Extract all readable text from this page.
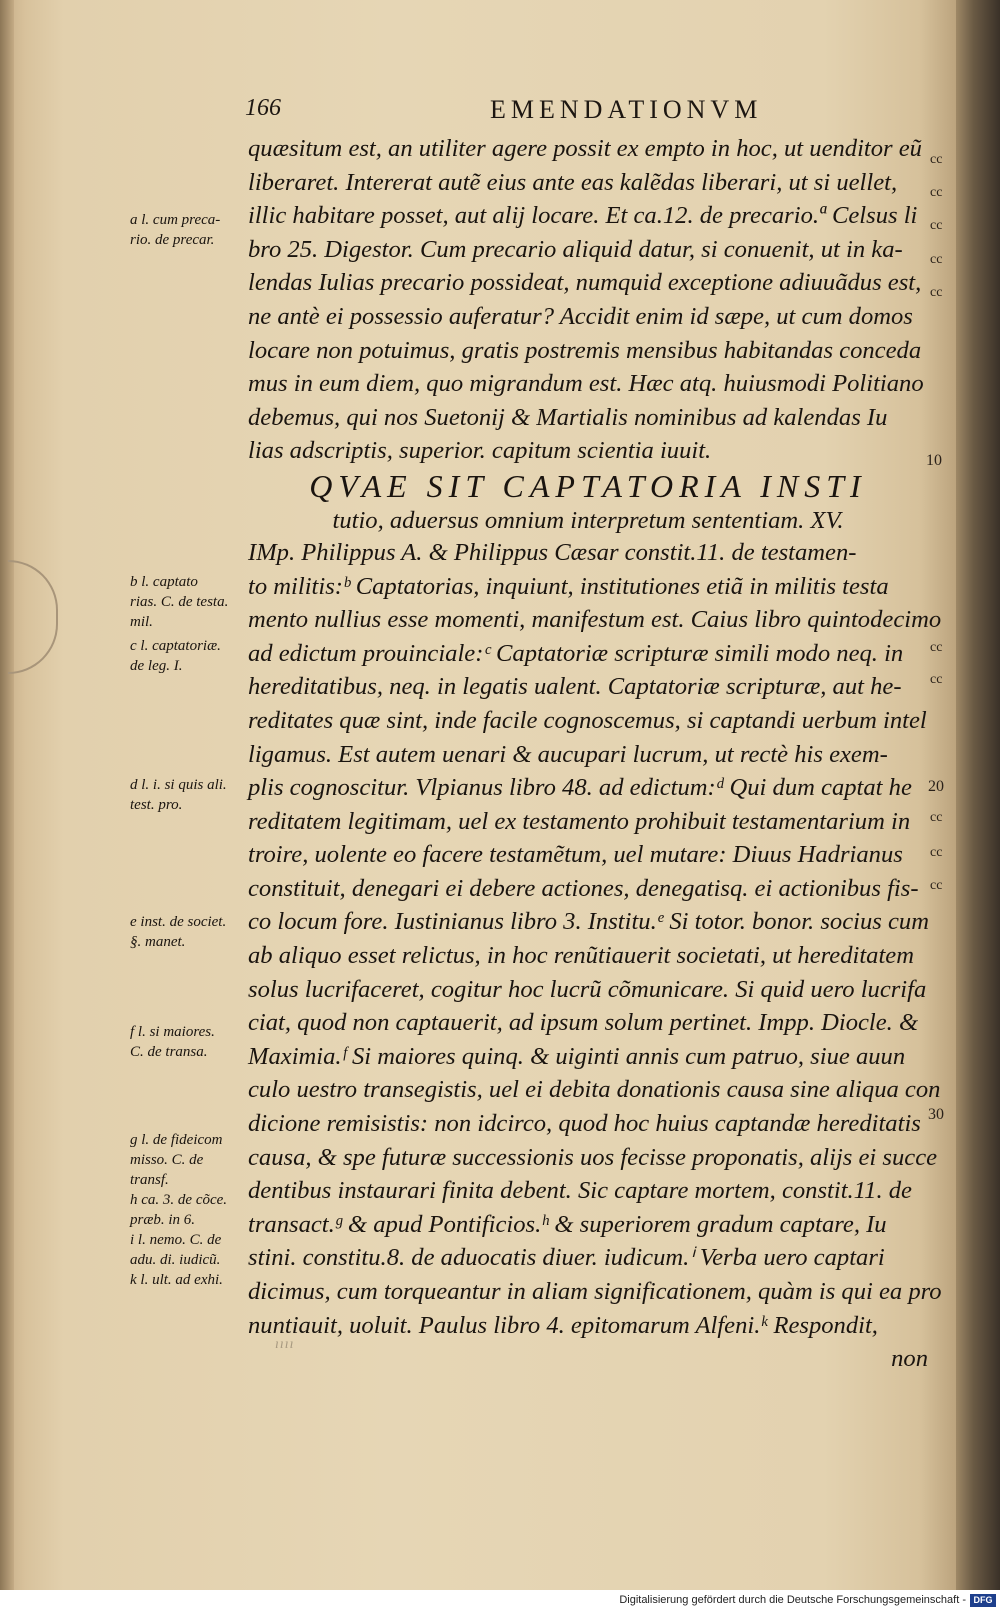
166	EMENDATIONVM
quæsitum est, an utiliter agere possit ex empto in hoc, ut uenditor eũ
liberaret. Intererat autẽ eius ante eas kalẽdas liberari, ut si uellet,
illic habitare posset, aut alij locare. Et ca.12. de precario.ª Celsus li
bro 25. Digestor. Cum precario aliquid datur, si conuenit, ut in ka-
lendas Iulias precario possideat, numquid exceptione adiuuãdus est,
ne antè ei possessio auferatur? Accidit enim id sæpe, ut cum domos
locare non potuimus, gratis postremis mensibus habitandas conceda
mus in eum diem, quo migrandum est. Hæc atq. huiusmodi Politiano
debemus, qui nos Suetonij & Martialis nominibus ad kalendas Iu
lias adscriptis, superior. capitum scientia iuuit.
QVAE SIT CAPTATORIA INSTI
tutio, aduersus omnium interpretum sententiam. XV.
IMp. Philippus A. & Philippus Cæsar constit.11. de testamen-
to militis:ᵇ Captatorias, inquiunt, institutiones etiã in militis testa
mento nullius esse momenti, manifestum est. Caius libro quintodecimo
ad edictum prouinciale:ᶜ Captatoriæ scripturæ simili modo neq. in
hereditatibus, neq. in legatis ualent. Captatoriæ scripturæ, aut he-
reditates quæ sint, inde facile cognoscemus, si captandi uerbum intel
ligamus. Est autem uenari & aucupari lucrum, ut rectè his exem-
plis cognoscitur. Vlpianus libro 48. ad edictum:ᵈ Qui dum captat he
reditatem legitimam, uel ex testamento prohibuit testamentarium in
troire, uolente eo facere testamẽtum, uel mutare: Diuus Hadrianus
constituit, denegari ei debere actiones, denegatisq. ei actionibus fis-
co locum fore. Iustinianus libro 3. Institu.ᵉ Si totor. bonor. socius cum
ab aliquo esset relictus, in hoc renũtiauerit societati, ut hereditatem
solus lucrifaceret, cogitur hoc lucrũ cõmunicare. Si quid uero lucrifa
ciat, quod non captauerit, ad ipsum solum pertinet. Impp. Diocle. &
Maximia.ᶠ Si maiores quinq. & uiginti annis cum patruo, siue auun
culo uestro transegistis, uel ei debita donationis causa sine aliqua con
dicione remisistis: non idcirco, quod hoc huius captandæ hereditatis
causa, & spe futuræ successionis uos fecisse proponatis, alijs ei succe
dentibus instaurari finita debent. Sic captare mortem, constit.11. de
transact.ᵍ & apud Pontificios.ʰ & superiorem gradum captare, Iu
stini. constitu.8. de aduocatis diuer. iudicum.ⁱ Verba uero captari
dicimus, cum torqueantur in aliam significationem, quàm is qui ea pro
nuntiauit, uoluit. Paulus libro 4. epitomarum Alfeni.ᵏ Respondit,
non
a l. cum preca-
rio. de precar.
b l. captato
rias. C. de testa.
mil.
c l. captatoriæ.
de leg. I.
d l. i. si quis ali.
test. pro.
e inst. de societ.
§. manet.
f l. si maiores.
C. de transa.
g l. de fideicom
misso. C. de
transf.
h ca. 3. de cõce.
præb. in 6.
i l. nemo. C. de
adu. di. iudicũ.
k l. ult. ad exhi.
10
20
30
cc
cc
cc
cc
cc
cc
cc
cc
cc
cc
ıııı
Digitalisierung gefördert durch die Deutsche Forschungsgemeinschaft - DFG
